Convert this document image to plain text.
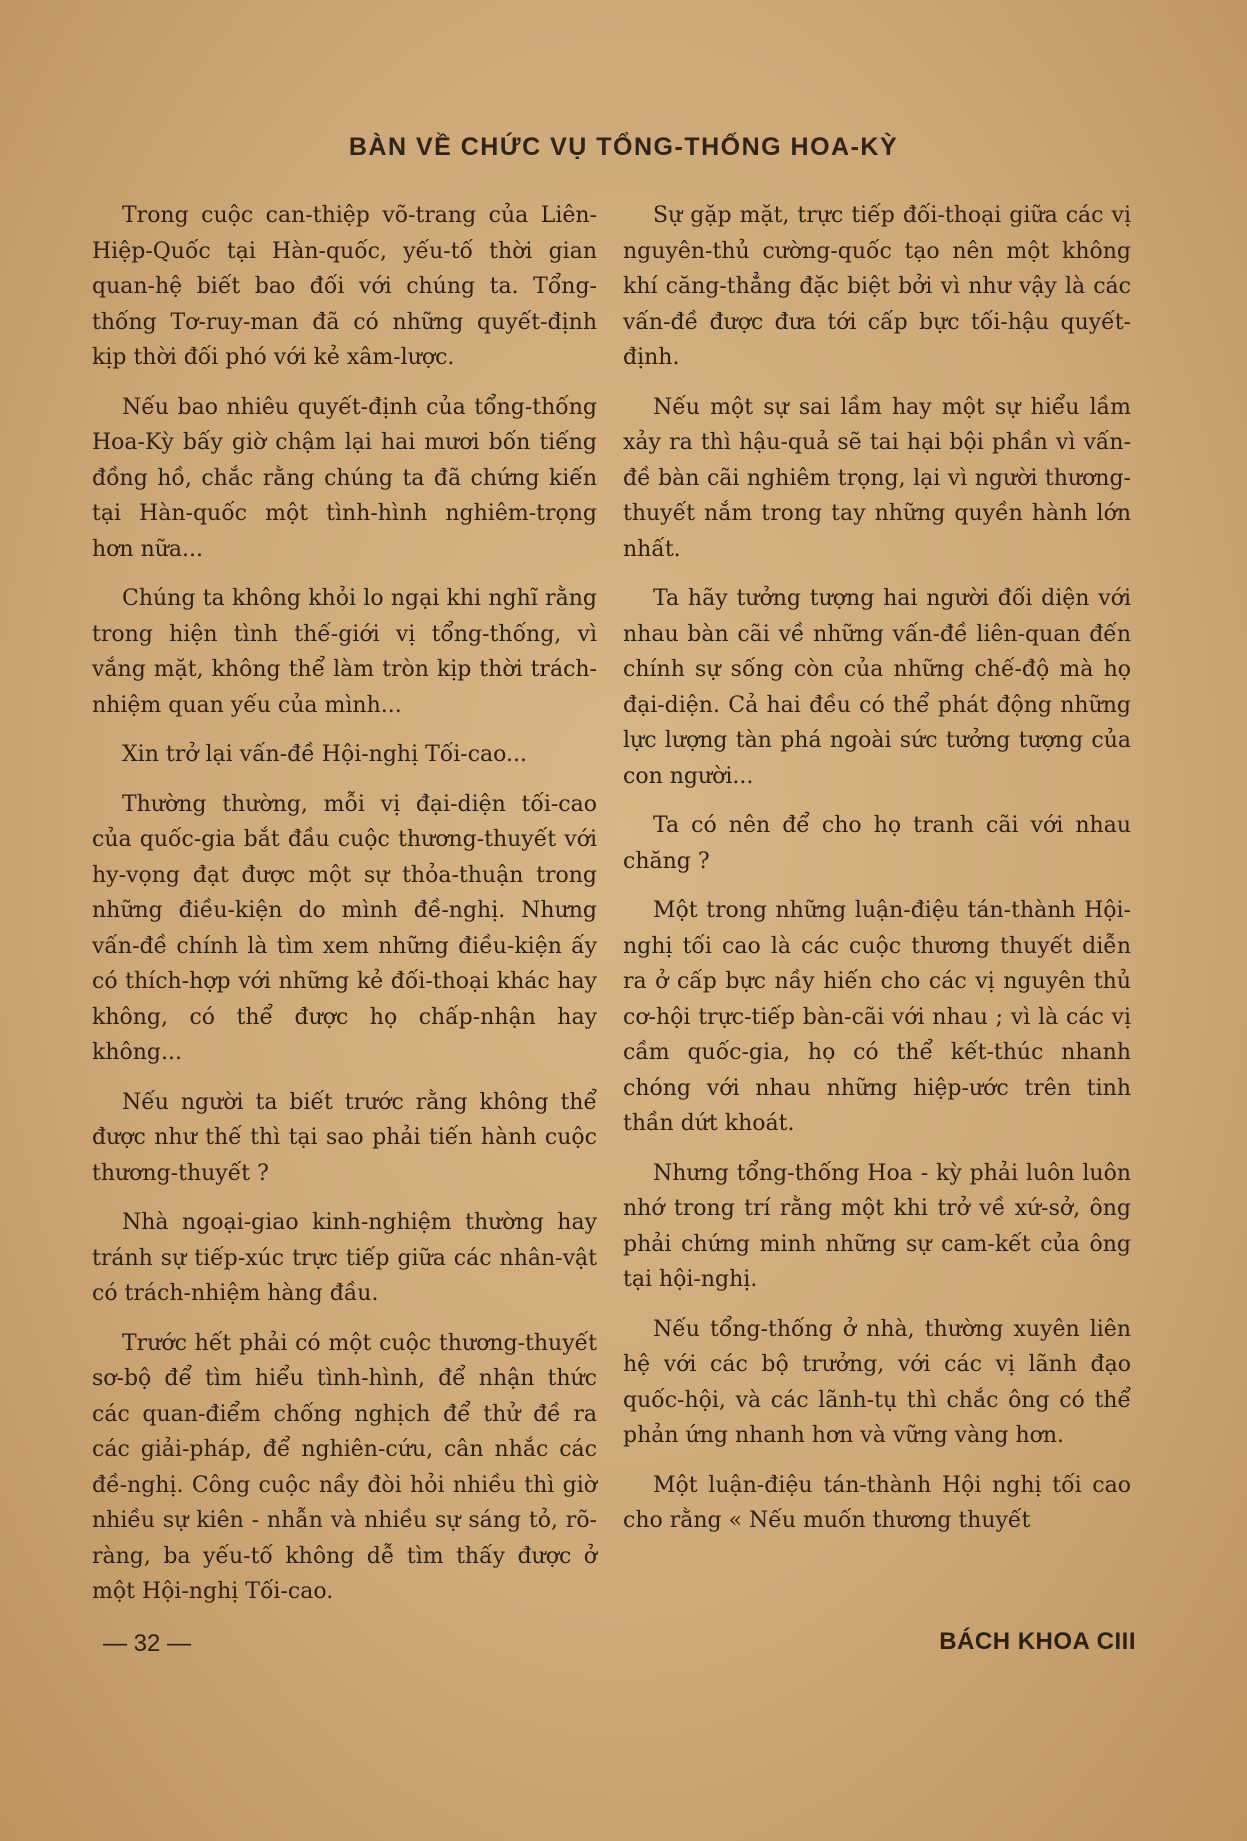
BÀN VỀ CHỨC VỤ TỔNG-THỐNG HOA-KỲ

Trong cuộc can-thiệp võ-trang của Liên-Hiệp-Quốc tại Hàn-quốc, yếu-tố thời gian quan-hệ biết bao đối với chúng ta. Tổng-thống Tơ-ruy-man đã có những quyết-định kịp thời đối phó với kẻ xâm-lược.

Nếu bao nhiêu quyết-định của tổng-thống Hoa-Kỳ bấy giờ chậm lại hai mươi bốn tiếng đồng hồ, chắc rằng chúng ta đã chứng kiến tại Hàn-quốc một tình-hình nghiêm-trọng hơn nữa...

Chúng ta không khỏi lo ngại khi nghĩ rằng trong hiện tình thế-giới vị tổng-thống, vì vắng mặt, không thể làm tròn kịp thời trách-nhiệm quan yếu của mình...

Xin trở lại vấn-đề Hội-nghị Tối-cao...

Thường thường, mỗi vị đại-diện tối-cao của quốc-gia bắt đầu cuộc thương-thuyết với hy-vọng đạt được một sự thỏa-thuận trong những điều-kiện do mình đề-nghị. Nhưng vấn-đề chính là tìm xem những điều-kiện ấy có thích-hợp với những kẻ đối-thoại khác hay không, có thể được họ chấp-nhận hay không...

Nếu người ta biết trước rằng không thể được như thế thì tại sao phải tiến hành cuộc thương-thuyết ?

Nhà ngoại-giao kinh-nghiệm thường hay tránh sự tiếp-xúc trực tiếp giữa các nhân-vật có trách-nhiệm hàng đầu.

Trước hết phải có một cuộc thương-thuyết sơ-bộ để tìm hiểu tình-hình, để nhận thức các quan-điểm chống nghịch để thử đề ra các giải-pháp, để nghiên-cứu, cân nhắc các đề-nghị. Công cuộc nầy đòi hỏi nhiều thì giờ nhiều sự kiên - nhẫn và nhiều sự sáng tỏ, rõ-ràng, ba yếu-tố không dễ tìm thấy được ở một Hội-nghị Tối-cao.

Sự gặp mặt, trực tiếp đối-thoại giữa các vị nguyên-thủ cường-quốc tạo nên một không khí căng-thẳng đặc biệt bởi vì như vậy là các vấn-đề được đưa tới cấp bực tối-hậu quyết-định.

Nếu một sự sai lầm hay một sự hiểu lầm xảy ra thì hậu-quả sẽ tai hại bội phần vì vấn-đề bàn cãi nghiêm trọng, lại vì người thương-thuyết nắm trong tay những quyền hành lớn nhất.

Ta hãy tưởng tượng hai người đối diện với nhau bàn cãi về những vấn-đề liên-quan đến chính sự sống còn của những chế-độ mà họ đại-diện. Cả hai đều có thể phát động những lực lượng tàn phá ngoài sức tưởng tượng của con người...

Ta có nên để cho họ tranh cãi với nhau chăng ?

Một trong những luận-điệu tán-thành Hội-nghị tối cao là các cuộc thương thuyết diễn ra ở cấp bực nầy hiến cho các vị nguyên thủ cơ-hội trực-tiếp bàn-cãi với nhau ; vì là các vị cầm quốc-gia, họ có thể kết-thúc nhanh chóng với nhau những hiệp-ước trên tinh thần dứt khoát.

Nhưng tổng-thống Hoa - kỳ phải luôn luôn nhớ trong trí rằng một khi trở về xứ-sở, ông phải chứng minh những sự cam-kết của ông tại hội-nghị.

Nếu tổng-thống ở nhà, thường xuyên liên hệ với các bộ trưởng, với các vị lãnh đạo quốc-hội, và các lãnh-tụ thì chắc ông có thể phản ứng nhanh hơn và vững vàng hơn.

Một luận-điệu tán-thành Hội nghị tối cao cho rằng « Nếu muốn thương thuyết

— 32 —	BÁCH KHOA CIII
